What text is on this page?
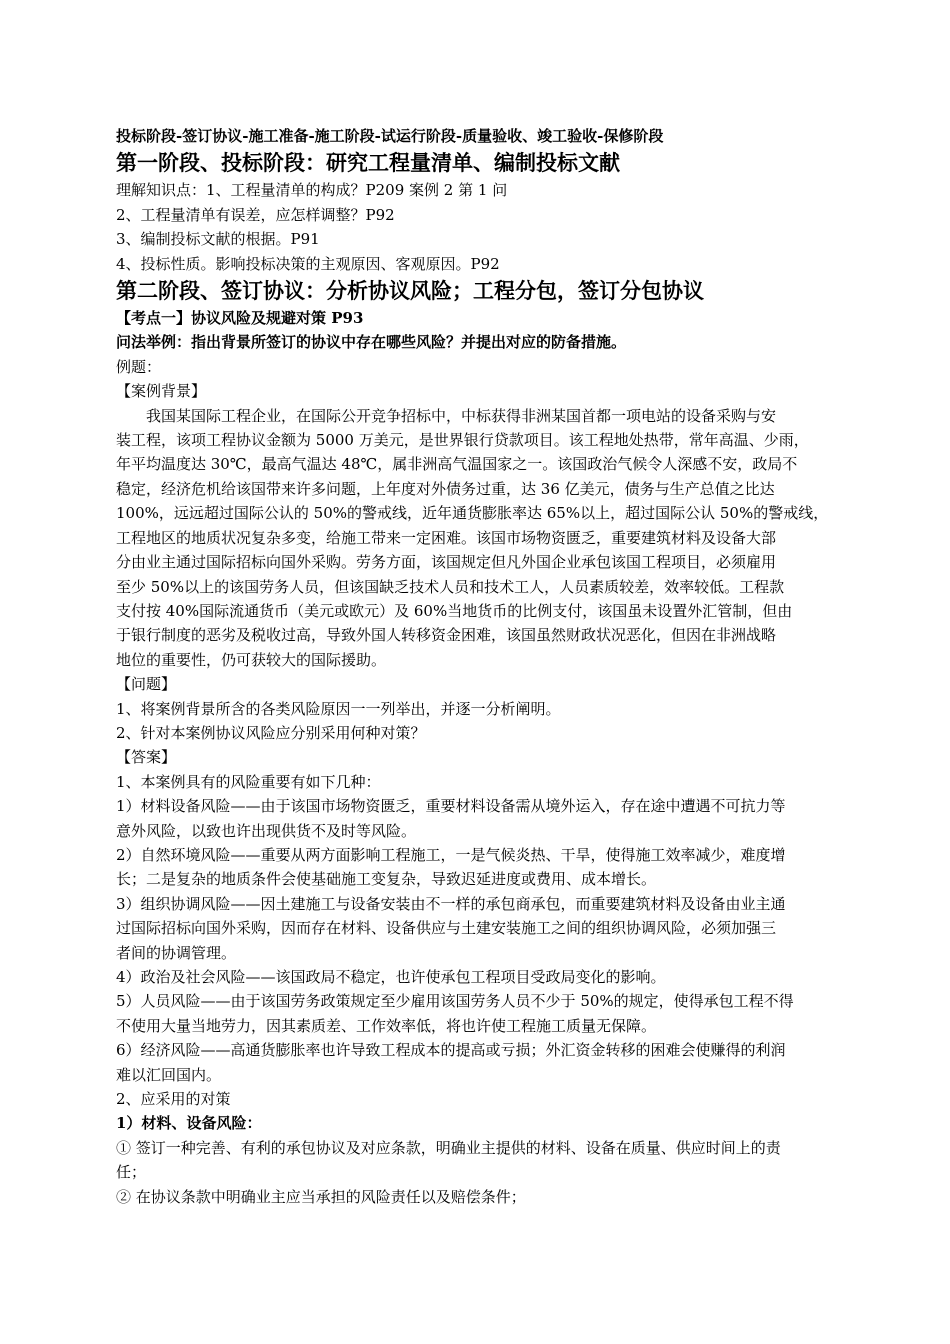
投标阶段-签订协议-施工准备-施工阶段-试运行阶段-质量验收、竣工验收-保修阶段

第一阶段、投标阶段：研究工程量清单、编制投标文献

理解知识点：1、工程量清单的构成？P209 案例 2 第 1 问

2、工程量清单有误差，应怎样调整？P92

3、编制投标文献的根据。P91

4、投标性质。影响投标决策的主观原因、客观原因。P92

第二阶段、签订协议：分析协议风险；工程分包，签订分包协议

【考点一】协议风险及规避对策 P93

问法举例：指出背景所签订的协议中存在哪些风险？并提出对应的防备措施。

例题：

【案例背景】

我国某国际工程企业，在国际公开竞争招标中，中标获得非洲某国首都一项电站的设备采购与安
装工程，该项工程协议金额为 5000 万美元，是世界银行贷款项目。该工程地处热带，常年高温、少雨，
年平均温度达 30℃，最高气温达 48℃，属非洲高气温国家之一。该国政治气候令人深感不安，政局不
稳定，经济危机给该国带来许多问题，上年度对外债务过重，达 36 亿美元，债务与生产总值之比达
100%，远远超过国际公认的 50%的警戒线，近年通货膨胀率达 65%以上，超过国际公认 50%的警戒线，
工程地区的地质状况复杂多变，给施工带来一定困难。该国市场物资匮乏，重要建筑材料及设备大部
分由业主通过国际招标向国外采购。劳务方面，该国规定但凡外国企业承包该国工程项目，必须雇用
至少 50%以上的该国劳务人员，但该国缺乏技术人员和技术工人，人员素质较差，效率较低。工程款
支付按 40%国际流通货币（美元或欧元）及 60%当地货币的比例支付，该国虽未设置外汇管制，但由
于银行制度的恶劣及税收过高，导致外国人转移资金困难，该国虽然财政状况恶化，但因在非洲战略
地位的重要性，仍可获较大的国际援助。

【问题】

1、将案例背景所含的各类风险原因一一列举出，并逐一分析阐明。

2、针对本案例协议风险应分别采用何种对策？

【答案】

1、本案例具有的风险重要有如下几种：

1）材料设备风险——由于该国市场物资匮乏，重要材料设备需从境外运入，存在途中遭遇不可抗力等
意外风险，以致也许出现供货不及时等风险。
2）自然环境风险——重要从两方面影响工程施工，一是气候炎热、干旱，使得施工效率减少，难度增
长；二是复杂的地质条件会使基础施工变复杂，导致迟延进度或费用、成本增长。
3）组织协调风险——因土建施工与设备安装由不一样的承包商承包，而重要建筑材料及设备由业主通
过国际招标向国外采购，因而存在材料、设备供应与土建安装施工之间的组织协调风险，必须加强三
者间的协调管理。
4）政治及社会风险——该国政局不稳定，也许使承包工程项目受政局变化的影响。
5）人员风险——由于该国劳务政策规定至少雇用该国劳务人员不少于 50%的规定，使得承包工程不得
不使用大量当地劳力，因其素质差、工作效率低，将也许使工程施工质量无保障。
6）经济风险——高通货膨胀率也许导致工程成本的提高或亏损；外汇资金转移的困难会使赚得的利润
难以汇回国内。

2、应采用的对策

1）材料、设备风险：

① 签订一种完善、有利的承包协议及对应条款，明确业主提供的材料、设备在质量、供应时间上的责
任；
② 在协议条款中明确业主应当承担的风险责任以及赔偿条件；
